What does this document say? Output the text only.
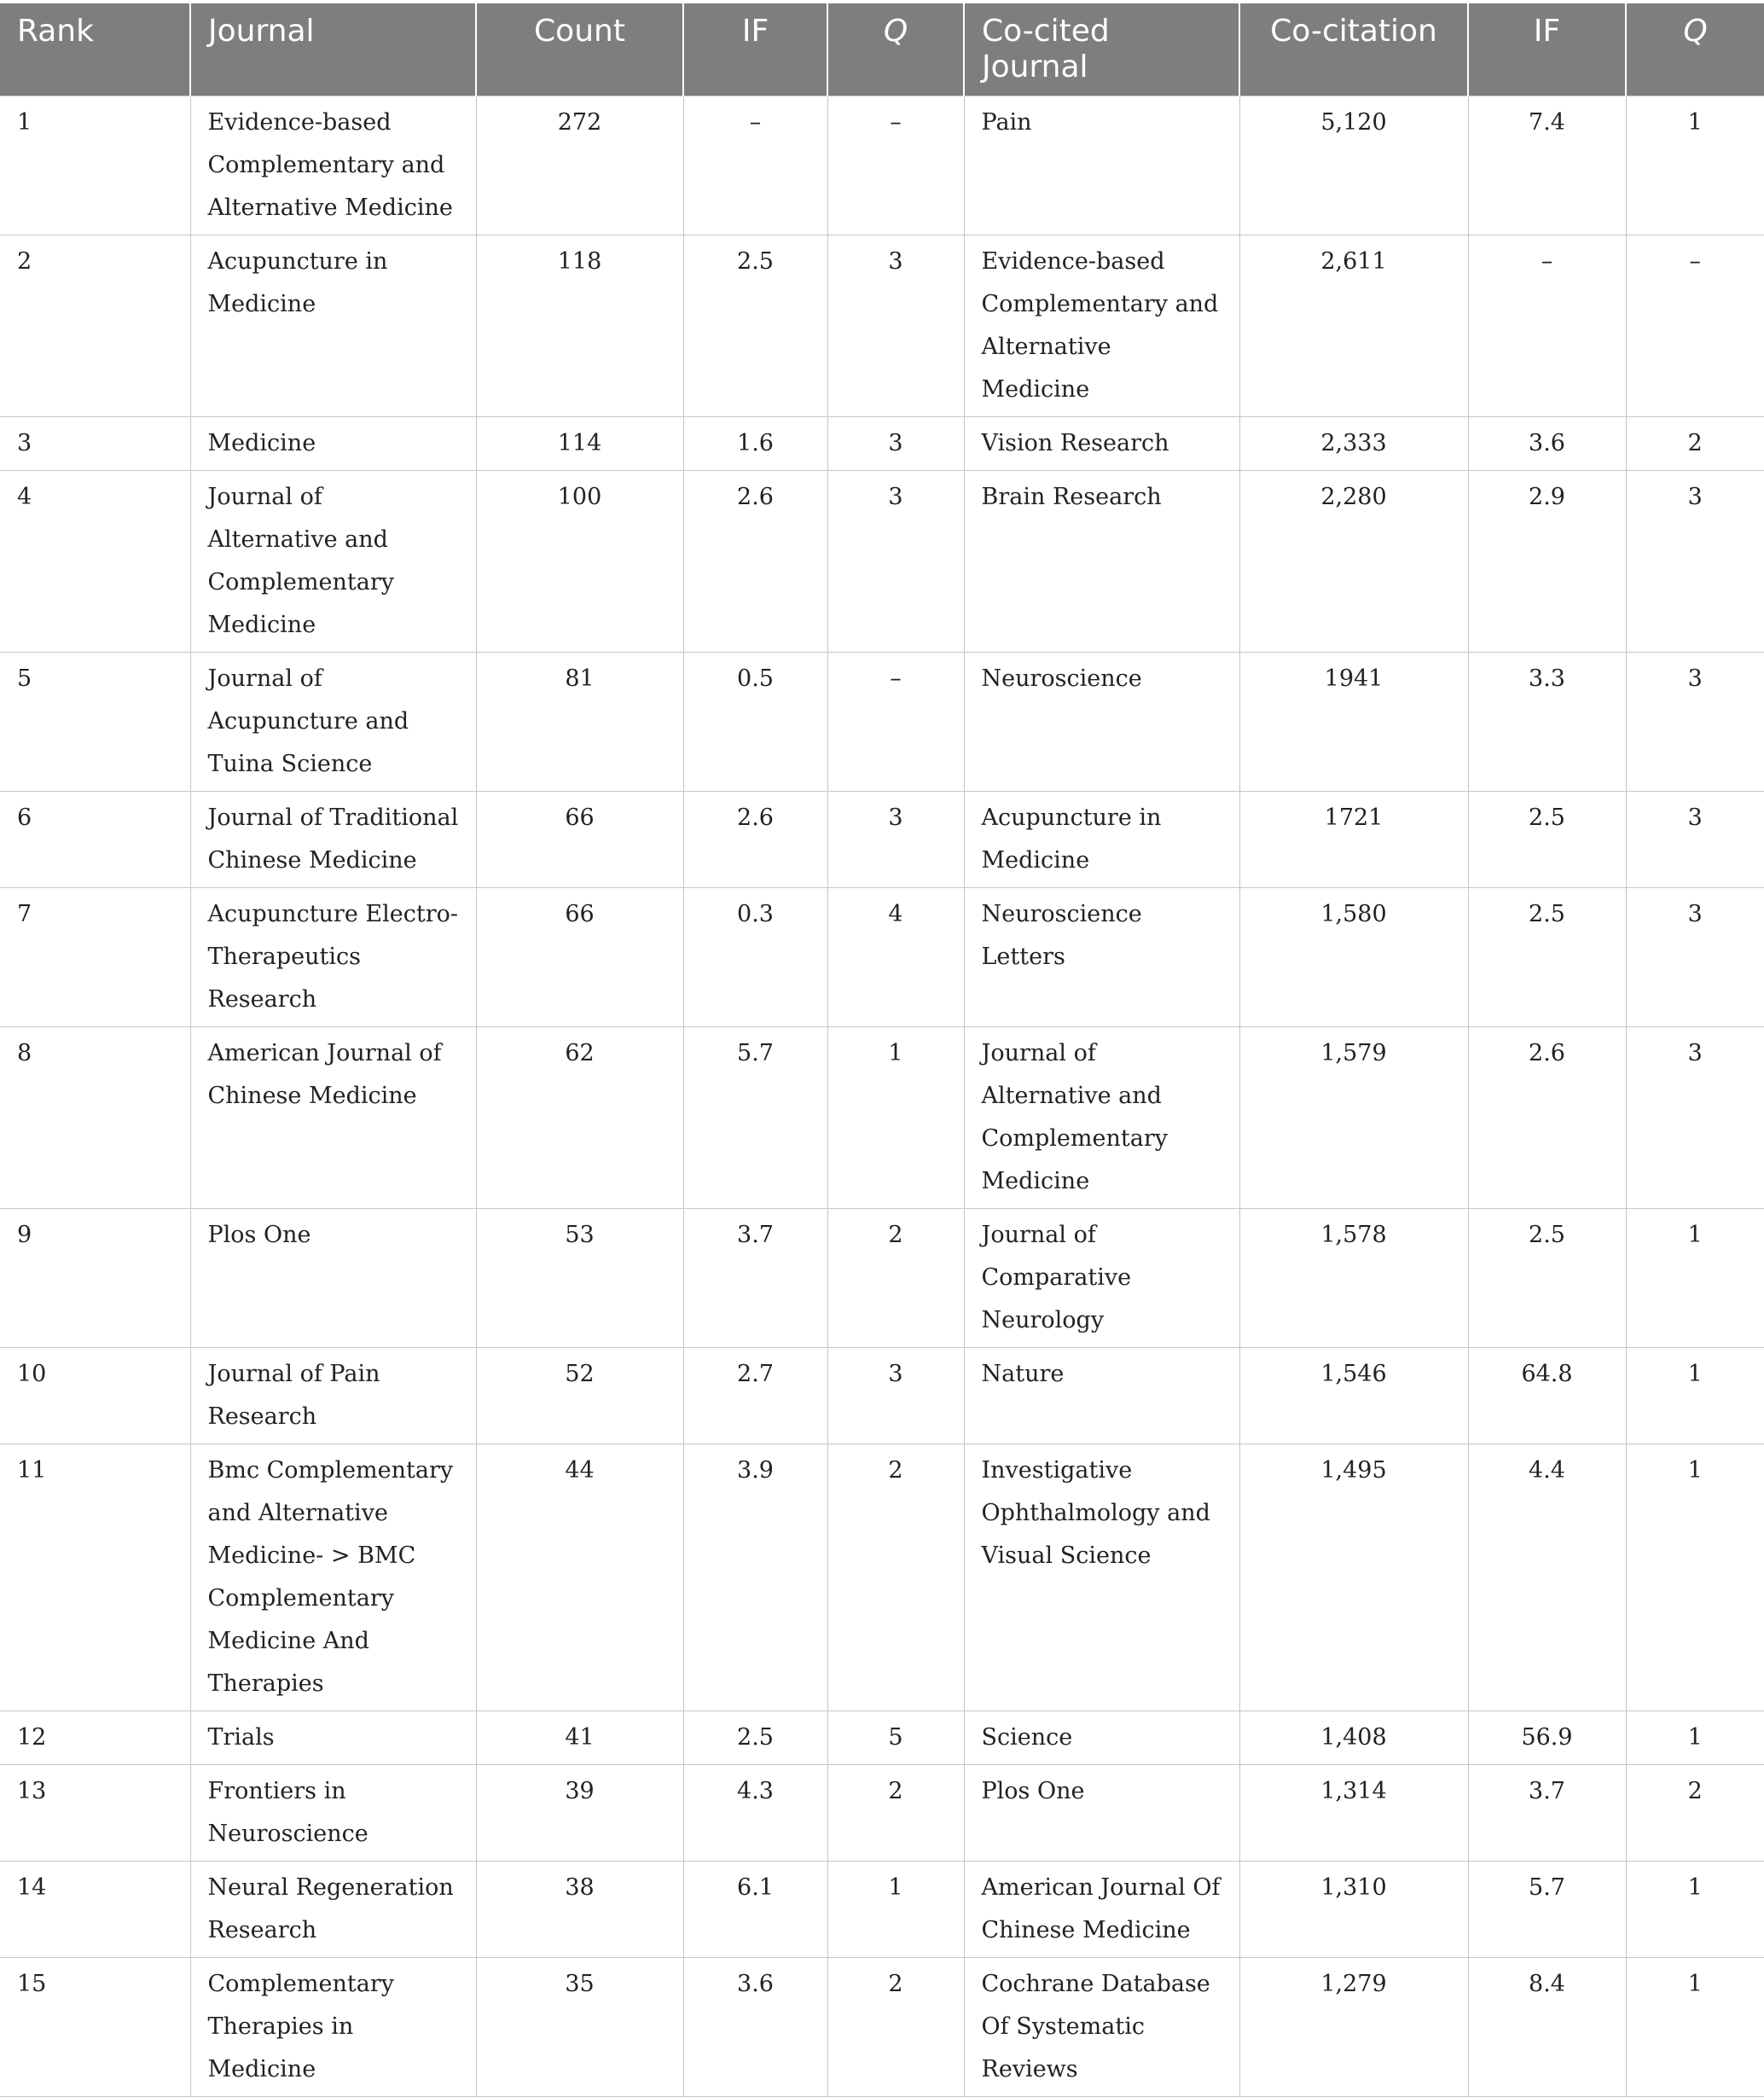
Rank	Journal	Count	IF	Q	Co-cited Journal	Co-citation	IF	Q
1	Evidence-based Complementary and Alternative Medicine	272	–	–	Pain	5,120	7.4	1
2	Acupuncture in Medicine	118	2.5	3	Evidence-based Complementary and Alternative Medicine	2,611	–	–
3	Medicine	114	1.6	3	Vision Research	2,333	3.6	2
4	Journal of Alternative and Complementary Medicine	100	2.6	3	Brain Research	2,280	2.9	3
5	Journal of Acupuncture and Tuina Science	81	0.5	–	Neuroscience	1941	3.3	3
6	Journal of Traditional Chinese Medicine	66	2.6	3	Acupuncture in Medicine	1721	2.5	3
7	Acupuncture Electro-Therapeutics Research	66	0.3	4	Neuroscience Letters	1,580	2.5	3
8	American Journal of Chinese Medicine	62	5.7	1	Journal of Alternative and Complementary Medicine	1,579	2.6	3
9	Plos One	53	3.7	2	Journal of Comparative Neurology	1,578	2.5	1
10	Journal of Pain Research	52	2.7	3	Nature	1,546	64.8	1
11	Bmc Complementary and Alternative Medicine- > BMC Complementary Medicine And Therapies	44	3.9	2	Investigative Ophthalmology and Visual Science	1,495	4.4	1
12	Trials	41	2.5	5	Science	1,408	56.9	1
13	Frontiers in Neuroscience	39	4.3	2	Plos One	1,314	3.7	2
14	Neural Regeneration Research	38	6.1	1	American Journal Of Chinese Medicine	1,310	5.7	1
15	Complementary Therapies in Medicine	35	3.6	2	Cochrane Database Of Systematic Reviews	1,279	8.4	1
